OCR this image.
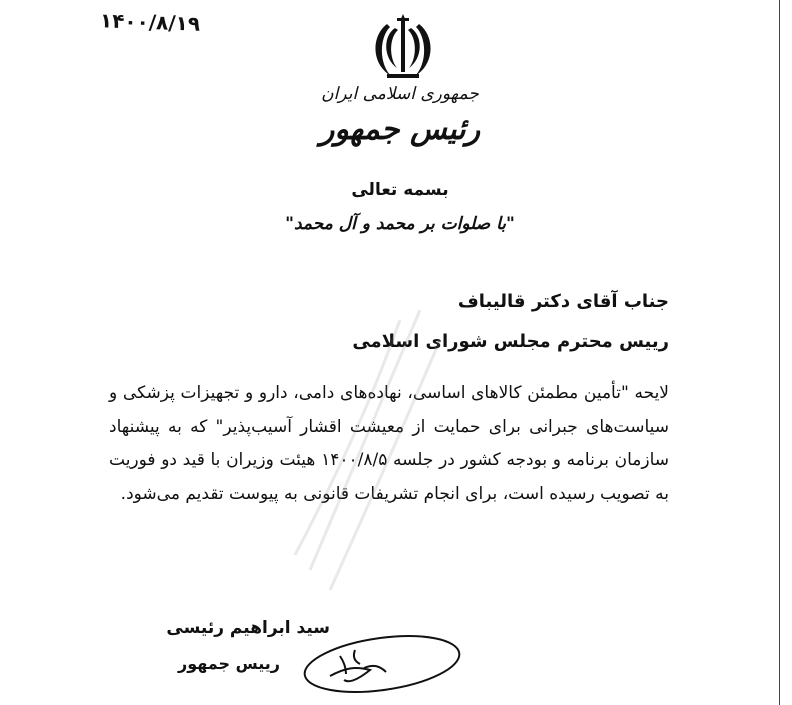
۱۴۰۰/۸/۱۹
جمهوری اسلامی ایران
رئیس جمهور
بسمه تعالی
"با صلوات بر محمد و آل محمد"
جناب آقای دکتر قالیباف
رییس محترم مجلس شورای اسلامی
لایحه "تأمین مطمئن کالاهای اساسی، نهاده‌های دامی، دارو و تجهیزات پزشکی و سیاست‌های جبرانی برای حمایت از معیشت اقشار آسیب‌پذیر" که به پیشنهاد سازمان برنامه و بودجه کشور در جلسه ۱۴۰۰/۸/۵ هیئت وزیران با قید دو فوریت به تصویب رسیده است، برای انجام تشریفات قانونی به پیوست تقدیم می‌شود.
سید ابراهیم رئیسی
رییس جمهور
